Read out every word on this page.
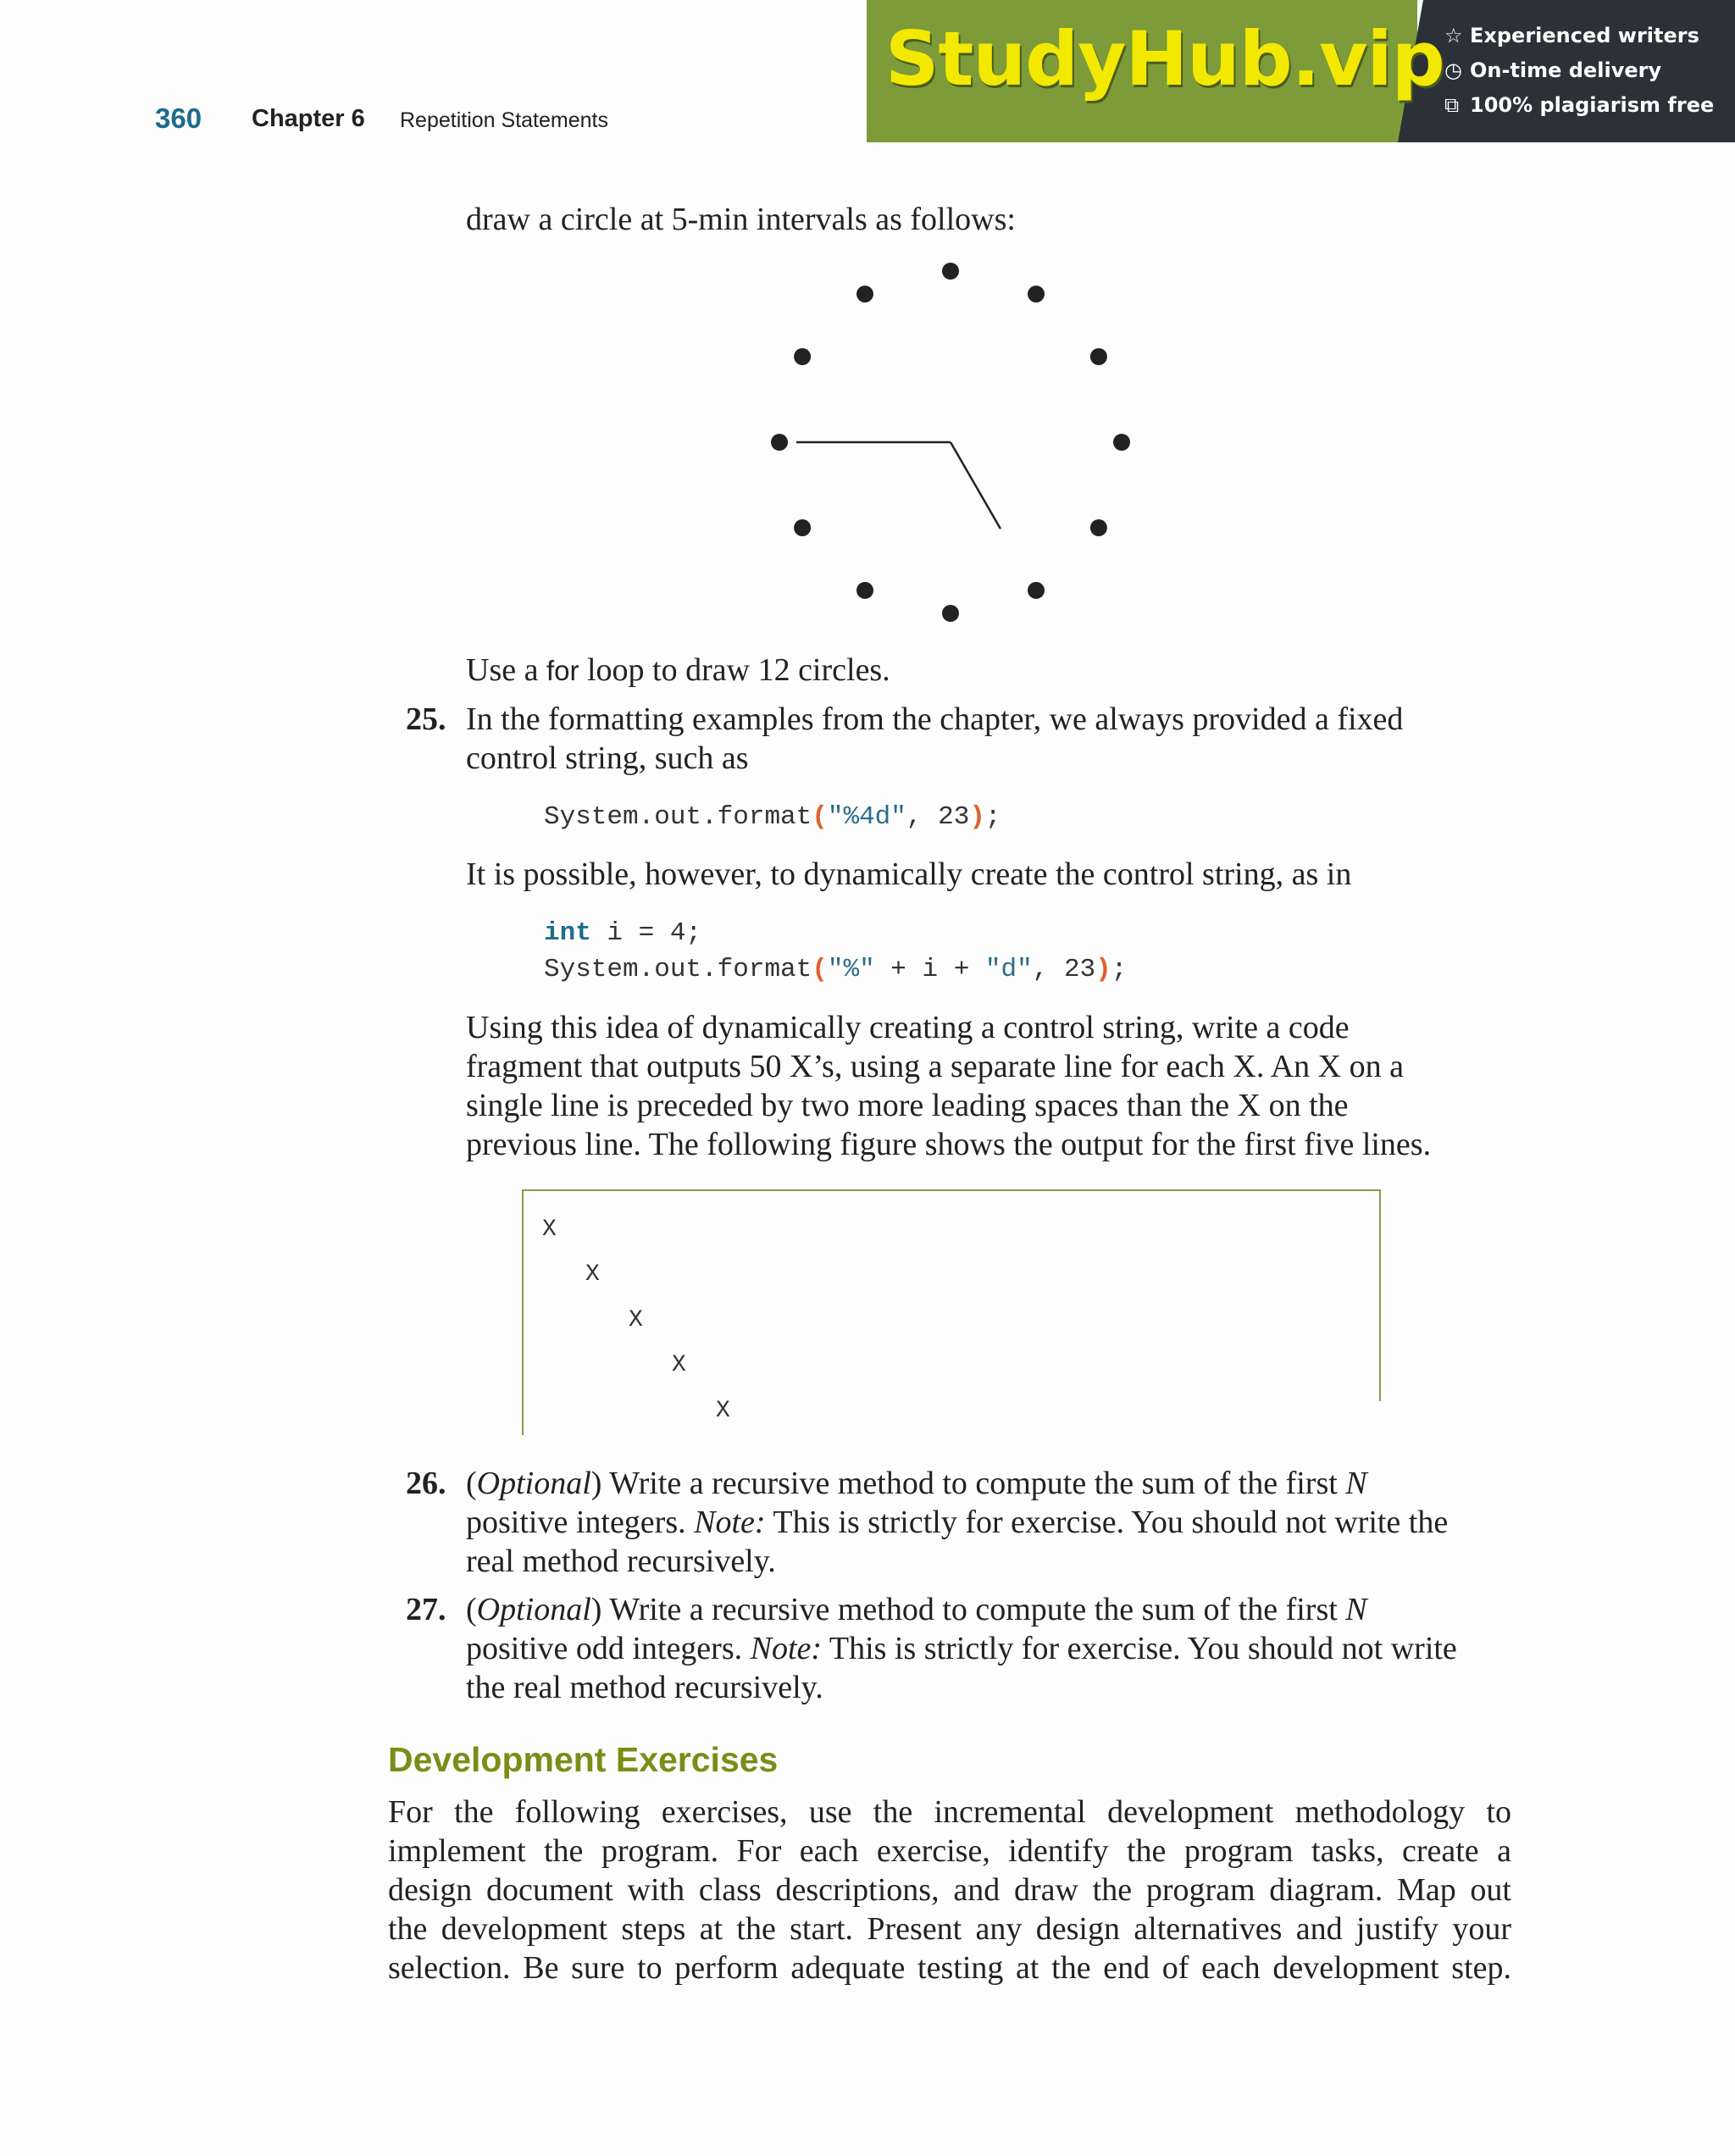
360 Chapter 6 Repetition Statements
StudyHub.vip ☆ Experienced writers
◷ On-time delivery
⧉ 100% plagiarism free
draw a circle at 5-min intervals as follows:
Use a for loop to draw 12 circles.
25. In the formatting examples from the chapter, we always provided a fixed
control string, such as
System.out.format("%4d", 23);
It is possible, however, to dynamically create the control string, as in
int i = 4;
System.out.format("%" + i + "d", 23);
Using this idea of dynamically creating a control string, write a code
fragment that outputs 50 X’s, using a separate line for each X. An X on a
single line is preceded by two more leading spaces than the X on the
previous line. The following figure shows the output for the first five lines.
X
X
X
X
X
26. (Optional) Write a recursive method to compute the sum of the first N
positive integers. Note: This is strictly for exercise. You should not write the
real method recursively.
27. (Optional) Write a recursive method to compute the sum of the first N
positive odd integers. Note: This is strictly for exercise. You should not write
the real method recursively.
Development Exercises
For the following exercises, use the incremental development methodology to
implement the program. For each exercise, identify the program tasks, create a
design document with class descriptions, and draw the program diagram. Map out
the development steps at the start. Present any design alternatives and justify your
selection. Be sure to perform adequate testing at the end of each development step.
